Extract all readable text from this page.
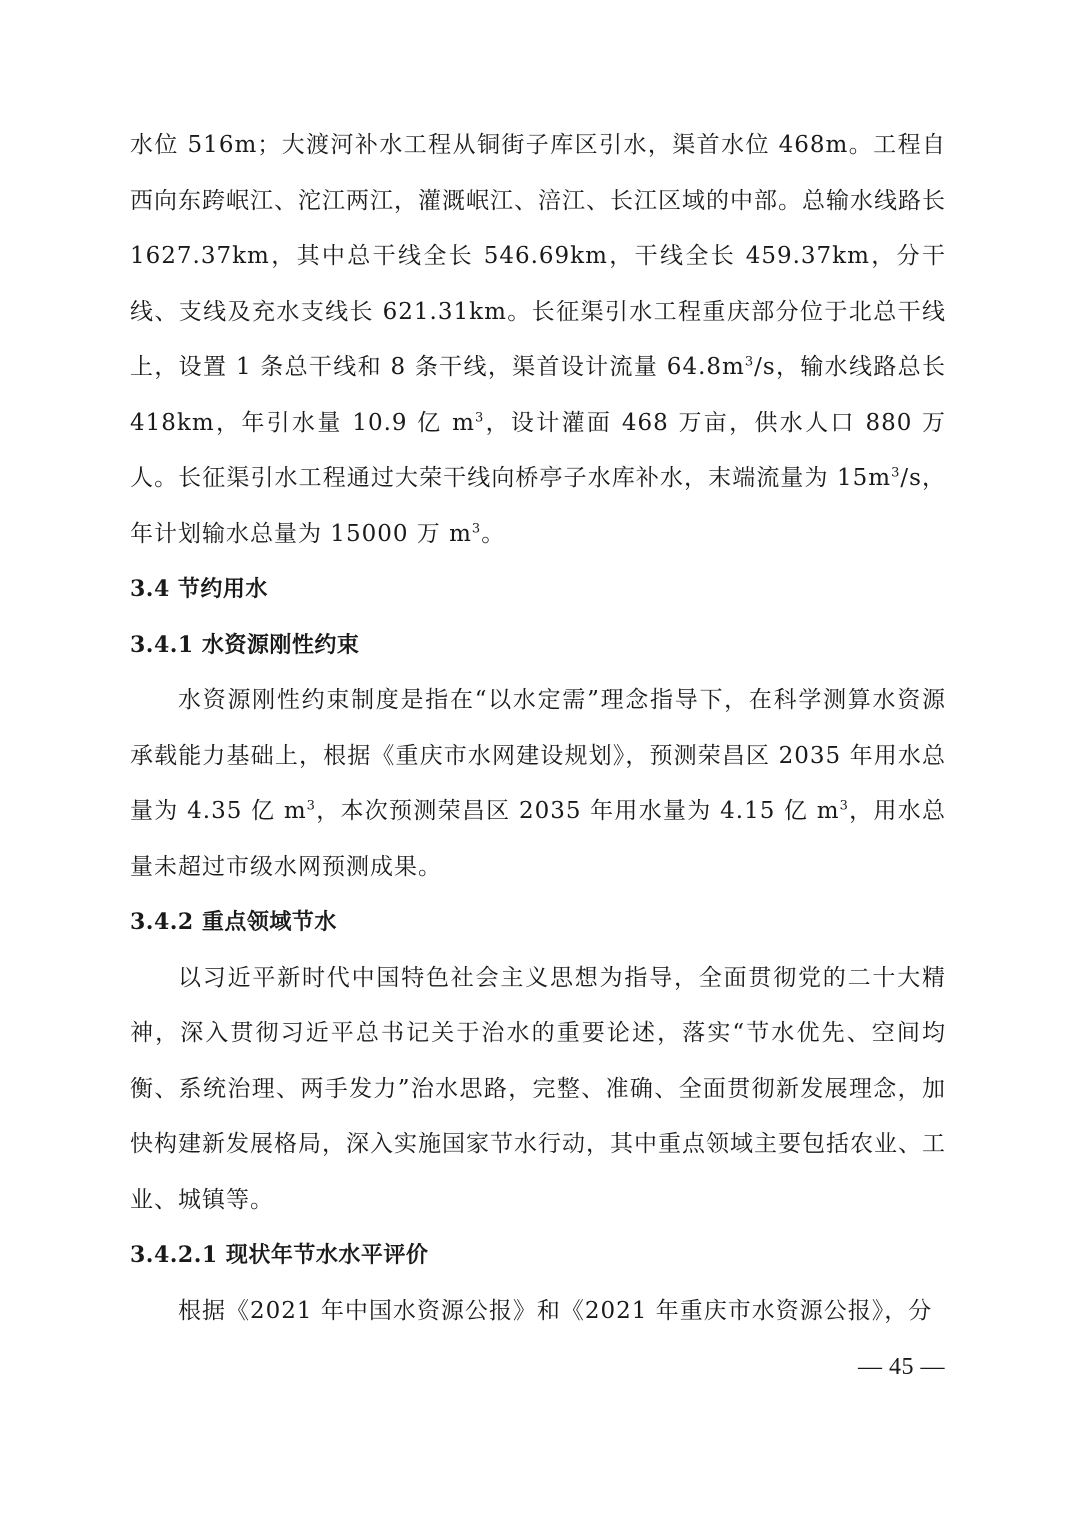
水位 516m；大渡河补水工程从铜街子库区引水，渠首水位 468m。工程自西向东跨岷江、沱江两江，灌溉岷江、涪江、长江区域的中部。总输水线路长 1627.37km，其中总干线全长 546.69km，干线全长 459.37km，分干线、支线及充水支线长 621.31km。长征渠引水工程重庆部分位于北总干线上，设置 1 条总干线和 8 条干线，渠首设计流量 $64.8m^3/s$，输水线路总长 418km，年引水量 10.9 亿 $m^3$，设计灌面 468 万亩，供水人口 880 万人。长征渠引水工程通过大荣干线向桥亭子水库补水，末端流量为 $15m^3/s$，年计划输水总量为 15000 万 $m^3$。

3.4 节约用水

3.4.1 水资源刚性约束

水资源刚性约束制度是指在“以水定需”理念指导下，在科学测算水资源承载能力基础上，根据《重庆市水网建设规划》，预测荣昌区 2035 年用水总量为 4.35 亿 $m^3$，本次预测荣昌区 2035 年用水量为 4.15 亿 $m^3$，用水总量未超过市级水网预测成果。

3.4.2 重点领域节水

以习近平新时代中国特色社会主义思想为指导，全面贯彻党的二十大精神，深入贯彻习近平总书记关于治水的重要论述，落实“节水优先、空间均衡、系统治理、两手发力”治水思路，完整、准确、全面贯彻新发展理念，加快构建新发展格局，深入实施国家节水行动，其中重点领域主要包括农业、工业、城镇等。

3.4.2.1 现状年节水水平评价

根据《2021 年中国水资源公报》和《2021 年重庆市水资源公报》，分

— 45 —
